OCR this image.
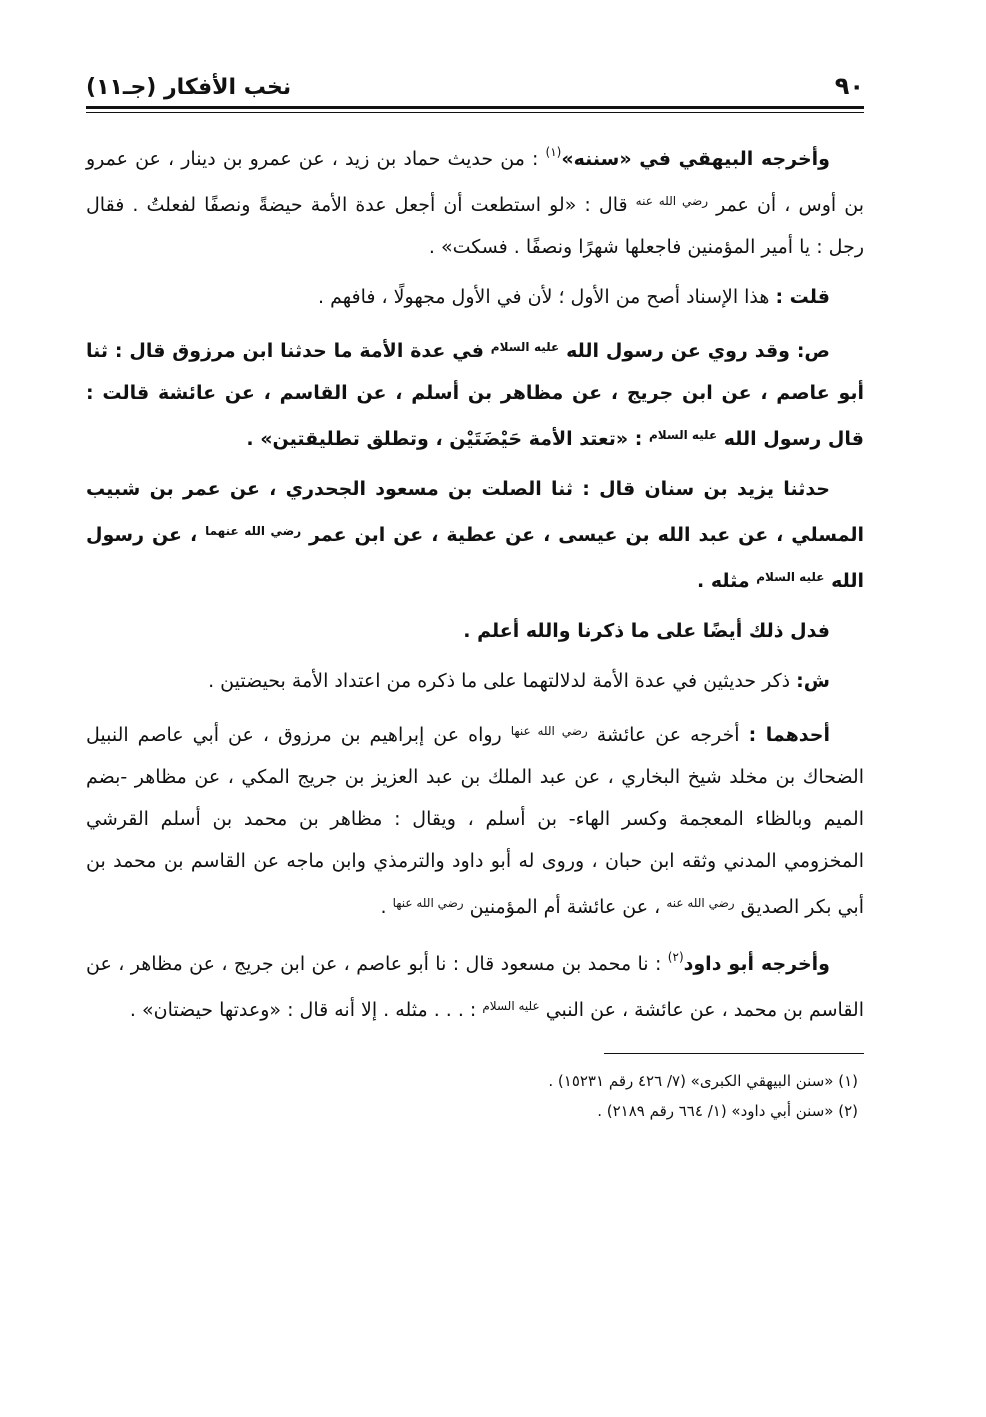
٩٠
نخب الأفكار (جـ١١)

وأخرجه البيهقي في «سننه»$^{(١)}$ : من حديث حماد بن زيد ، عن عمرو بن دينار ، عن عمرو بن أوس ، أن عمر $^{رضي الله عنه}$ قال : «لو استطعت أن أجعل عدة الأمة حيضةً ونصفًا لفعلتُ . فقال رجل : يا أمير المؤمنين فاجعلها شهرًا ونصفًا . فسكت» .

قلت : هذا الإسناد أصح من الأول ؛ لأن في الأول مجهولًا ، فافهم .

ص: وقد روي عن رسول الله $^{عليه السلام}$ في عدة الأمة ما حدثنا ابن مرزوق قال : ثنا أبو عاصم ، عن ابن جريج ، عن مظاهر بن أسلم ، عن القاسم ، عن عائشة قالت : قال رسول الله $^{عليه السلام}$ : «تعتد الأمة حَيْضَتَيْن ، وتطلق تطليقتين» .

حدثنا يزيد بن سنان قال : ثنا الصلت بن مسعود الجحدري ، عن عمر بن شبيب المسلي ، عن عبد الله بن عيسى ، عن عطية ، عن ابن عمر $^{رضي الله عنهما}$ ، عن رسول الله $^{عليه السلام}$ مثله .

فدل ذلك أيضًا على ما ذكرنا والله أعلم .

ش: ذكر حديثين في عدة الأمة لدلالتهما على ما ذكره من اعتداد الأمة بحيضتين .

أحدهما : أخرجه عن عائشة $^{رضي الله عنها}$ رواه عن إبراهيم بن مرزوق ، عن أبي عاصم النبيل الضحاك بن مخلد شيخ البخاري ، عن عبد الملك بن عبد العزيز بن جريج المكي ، عن مظاهر -بضم الميم وبالظاء المعجمة وكسر الهاء- بن أسلم ، ويقال : مظاهر بن محمد بن أسلم القرشي المخزومي المدني وثقه ابن حبان ، وروى له أبو داود والترمذي وابن ماجه عن القاسم بن محمد بن أبي بكر الصديق $^{رضي الله عنه}$ ، عن عائشة أم المؤمنين $^{رضي الله عنها}$ .

وأخرجه أبو داود$^{(٢)}$ : نا محمد بن مسعود قال : نا أبو عاصم ، عن ابن جريج ، عن مظاهر ، عن القاسم بن محمد ، عن عائشة ، عن النبي $^{عليه السلام}$ : . . . مثله . إلا أنه قال : «وعدتها حيضتان» .

(١) «سنن البيهقي الكبرى» (٧/ ٤٢٦ رقم ١٥٢٣١) .
(٢) «سنن أبي داود» (١/ ٦٦٤ رقم ٢١٨٩) .
